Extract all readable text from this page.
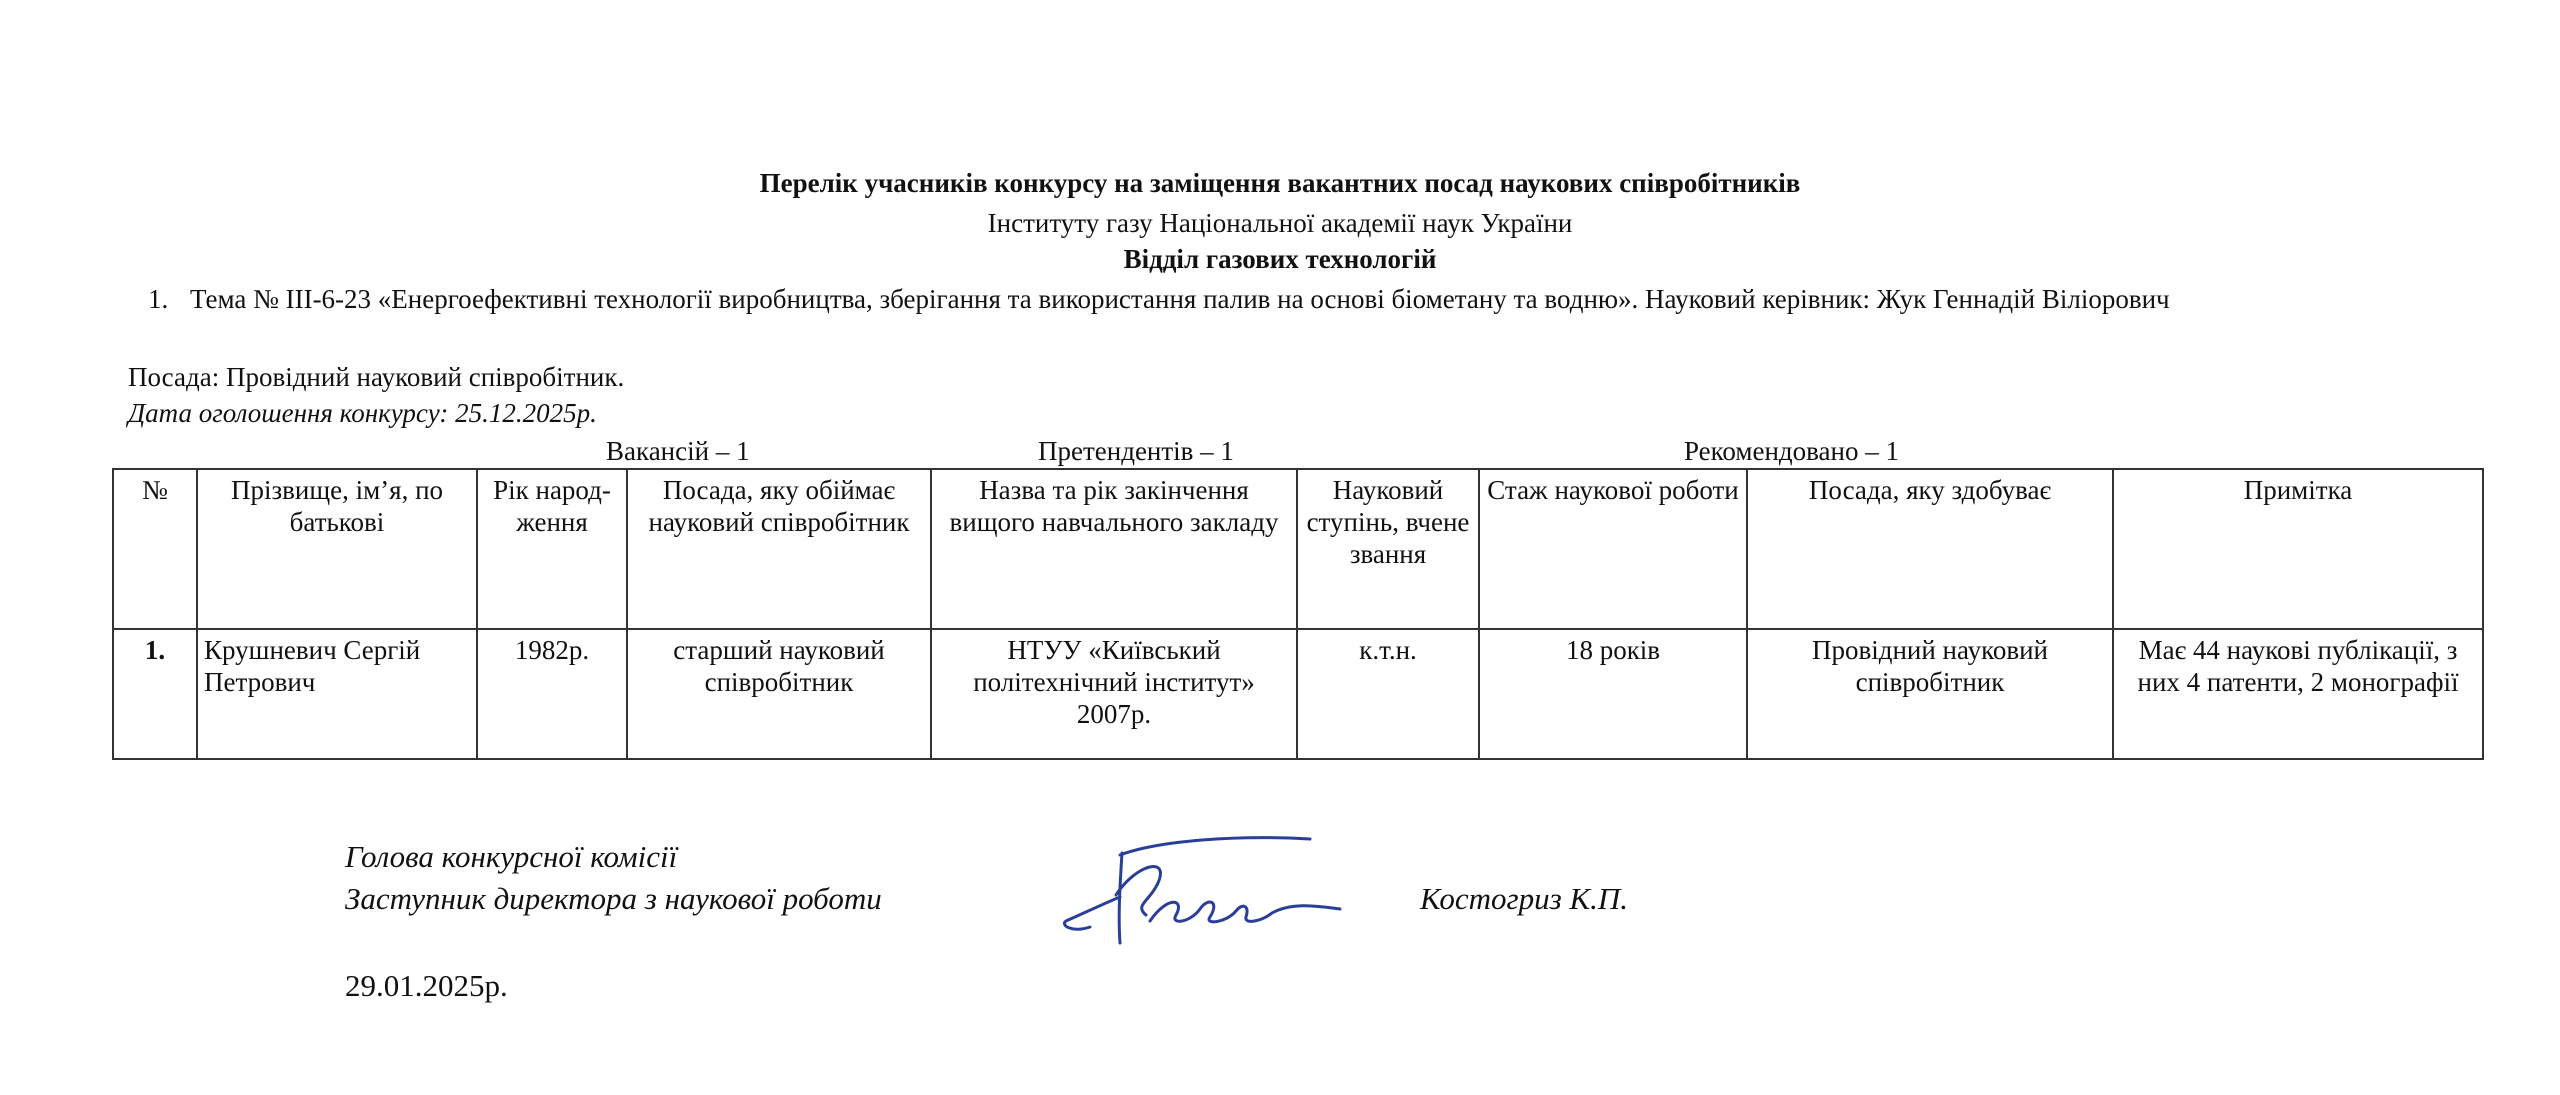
Перелік учасників конкурсу на заміщення вакантних посад наукових співробітників
Інституту газу Національної академії наук України
Відділ газових технологій
1. Тема № ІІІ-6-23 «Енергоефективні технології виробництва, зберігання та використання палив на основі біометану та водню». Науковий керівник: Жук Геннадій Віліорович
Посада: Провідний науковий співробітник.
Дата оголошення конкурсу: 25.12.2025р.
Вакансій – 1	Претендентів – 1	Рекомендовано – 1
№	Прізвище, ім’я, по батькові	Рік народ-ження	Посада, яку обіймає науковий співробітник	Назва та рік закінчення вищого навчального закладу	Науковий ступінь, вчене звання	Стаж наукової роботи	Посада, яку здобуває	Примітка
1.	Крушневич Сергій Петрович	1982р.	старший науковий співробітник	НТУУ «Київський політехнічний інститут» 2007р.	к.т.н.	18 років	Провідний науковий співробітник	Має 44 наукові публікації, з них 4 патенти, 2 монографії
Голова конкурсної комісії
Заступник директора з наукової роботи	Костогриз К.П.
29.01.2025р.
